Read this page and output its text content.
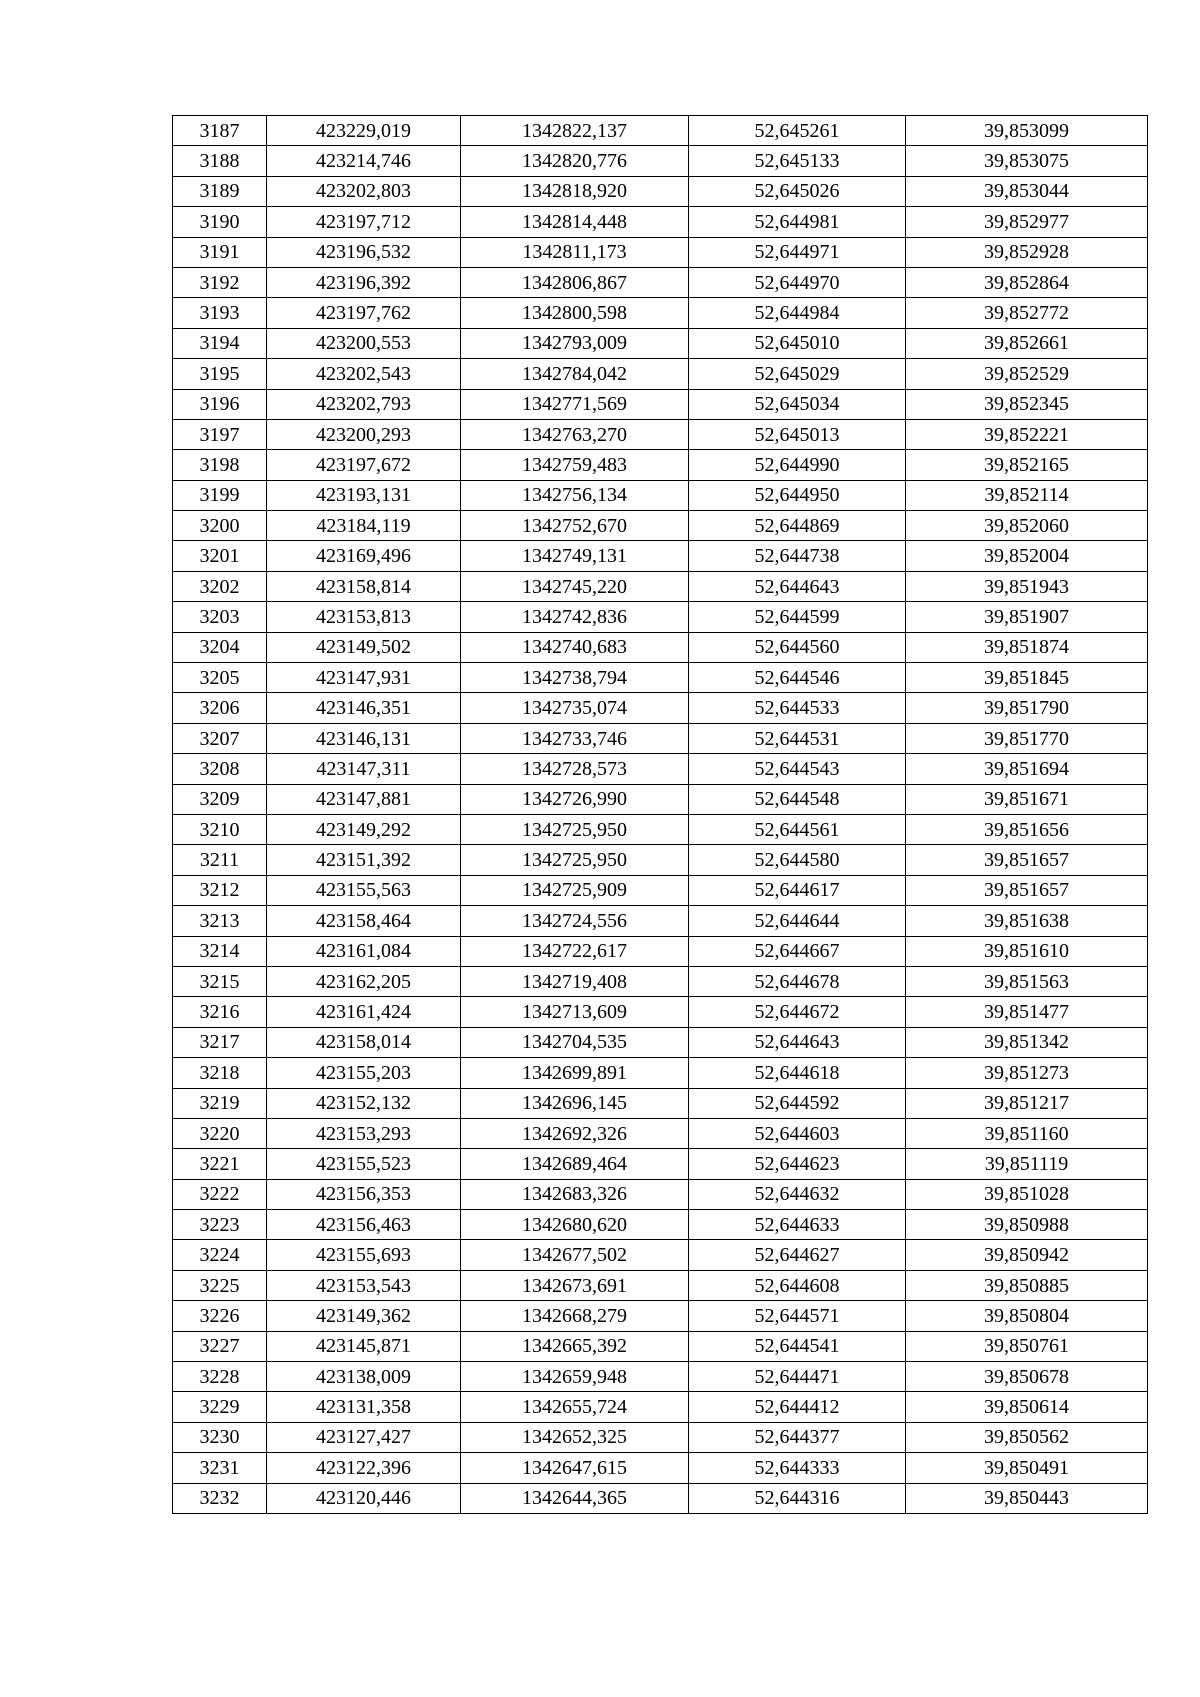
3187	423229,019	1342822,137	52,645261	39,853099
3188	423214,746	1342820,776	52,645133	39,853075
3189	423202,803	1342818,920	52,645026	39,853044
3190	423197,712	1342814,448	52,644981	39,852977
3191	423196,532	1342811,173	52,644971	39,852928
3192	423196,392	1342806,867	52,644970	39,852864
3193	423197,762	1342800,598	52,644984	39,852772
3194	423200,553	1342793,009	52,645010	39,852661
3195	423202,543	1342784,042	52,645029	39,852529
3196	423202,793	1342771,569	52,645034	39,852345
3197	423200,293	1342763,270	52,645013	39,852221
3198	423197,672	1342759,483	52,644990	39,852165
3199	423193,131	1342756,134	52,644950	39,852114
3200	423184,119	1342752,670	52,644869	39,852060
3201	423169,496	1342749,131	52,644738	39,852004
3202	423158,814	1342745,220	52,644643	39,851943
3203	423153,813	1342742,836	52,644599	39,851907
3204	423149,502	1342740,683	52,644560	39,851874
3205	423147,931	1342738,794	52,644546	39,851845
3206	423146,351	1342735,074	52,644533	39,851790
3207	423146,131	1342733,746	52,644531	39,851770
3208	423147,311	1342728,573	52,644543	39,851694
3209	423147,881	1342726,990	52,644548	39,851671
3210	423149,292	1342725,950	52,644561	39,851656
3211	423151,392	1342725,950	52,644580	39,851657
3212	423155,563	1342725,909	52,644617	39,851657
3213	423158,464	1342724,556	52,644644	39,851638
3214	423161,084	1342722,617	52,644667	39,851610
3215	423162,205	1342719,408	52,644678	39,851563
3216	423161,424	1342713,609	52,644672	39,851477
3217	423158,014	1342704,535	52,644643	39,851342
3218	423155,203	1342699,891	52,644618	39,851273
3219	423152,132	1342696,145	52,644592	39,851217
3220	423153,293	1342692,326	52,644603	39,851160
3221	423155,523	1342689,464	52,644623	39,851119
3222	423156,353	1342683,326	52,644632	39,851028
3223	423156,463	1342680,620	52,644633	39,850988
3224	423155,693	1342677,502	52,644627	39,850942
3225	423153,543	1342673,691	52,644608	39,850885
3226	423149,362	1342668,279	52,644571	39,850804
3227	423145,871	1342665,392	52,644541	39,850761
3228	423138,009	1342659,948	52,644471	39,850678
3229	423131,358	1342655,724	52,644412	39,850614
3230	423127,427	1342652,325	52,644377	39,850562
3231	423122,396	1342647,615	52,644333	39,850491
3232	423120,446	1342644,365	52,644316	39,850443
